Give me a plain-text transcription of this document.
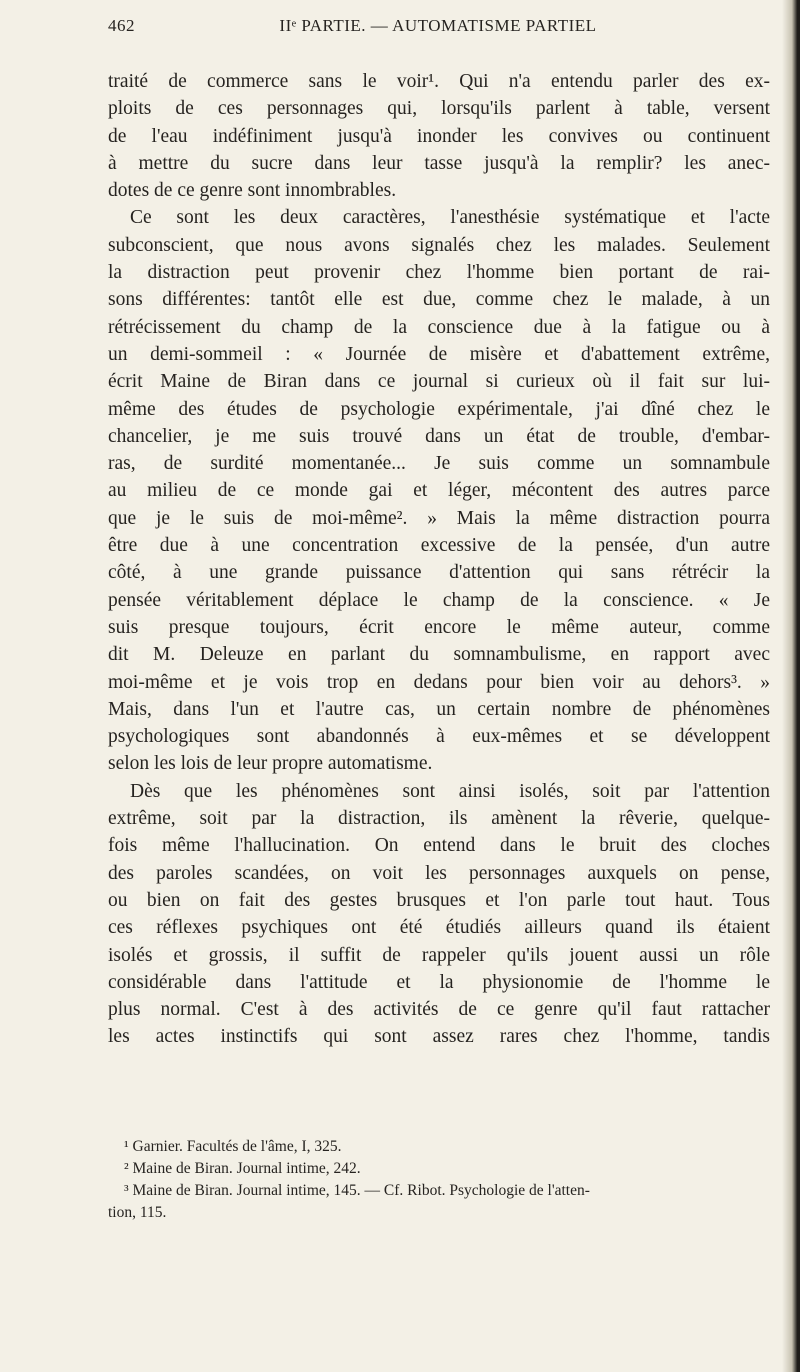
462	IIᵉ PARTIE. — AUTOMATISME PARTIEL
traité de commerce sans le voir¹. Qui n'a entendu parler des ex-
ploits de ces personnages qui, lorsqu'ils parlent à table, versent
de l'eau indéfiniment jusqu'à inonder les convives ou continuent
à mettre du sucre dans leur tasse jusqu'à la remplir? les anec-
dotes de ce genre sont innombrables.
Ce sont les deux caractères, l'anesthésie systématique et l'acte
subconscient, que nous avons signalés chez les malades. Seulement
la distraction peut provenir chez l'homme bien portant de rai-
sons différentes: tantôt elle est due, comme chez le malade, à un
rétrécissement du champ de la conscience due à la fatigue ou à
un demi-sommeil : « Journée de misère et d'abattement extrême,
écrit Maine de Biran dans ce journal si curieux où il fait sur lui-
même des études de psychologie expérimentale, j'ai dîné chez le
chancelier, je me suis trouvé dans un état de trouble, d'embar-
ras, de surdité momentanée... Je suis comme un somnambule
au milieu de ce monde gai et léger, mécontent des autres parce
que je le suis de moi-même². » Mais la même distraction pourra
être due à une concentration excessive de la pensée, d'un autre
côté, à une grande puissance d'attention qui sans rétrécir la
pensée véritablement déplace le champ de la conscience. « Je
suis presque toujours, écrit encore le même auteur, comme
dit M. Deleuze en parlant du somnambulisme, en rapport avec
moi-même et je vois trop en dedans pour bien voir au dehors³. »
Mais, dans l'un et l'autre cas, un certain nombre de phénomènes
psychologiques sont abandonnés à eux-mêmes et se développent
selon les lois de leur propre automatisme.
Dès que les phénomènes sont ainsi isolés, soit par l'attention
extrême, soit par la distraction, ils amènent la rêverie, quelque-
fois même l'hallucination. On entend dans le bruit des cloches
des paroles scandées, on voit les personnages auxquels on pense,
ou bien on fait des gestes brusques et l'on parle tout haut. Tous
ces réflexes psychiques ont été étudiés ailleurs quand ils étaient
isolés et grossis, il suffit de rappeler qu'ils jouent aussi un rôle
considérable dans l'attitude et la physionomie de l'homme le
plus normal. C'est à des activités de ce genre qu'il faut rattacher
les actes instinctifs qui sont assez rares chez l'homme, tandis
¹ Garnier. Facultés de l'âme, I, 325.
² Maine de Biran. Journal intime, 242.
³ Maine de Biran. Journal intime, 145. — Cf. Ribot. Psychologie de l'atten-
tion, 115.
